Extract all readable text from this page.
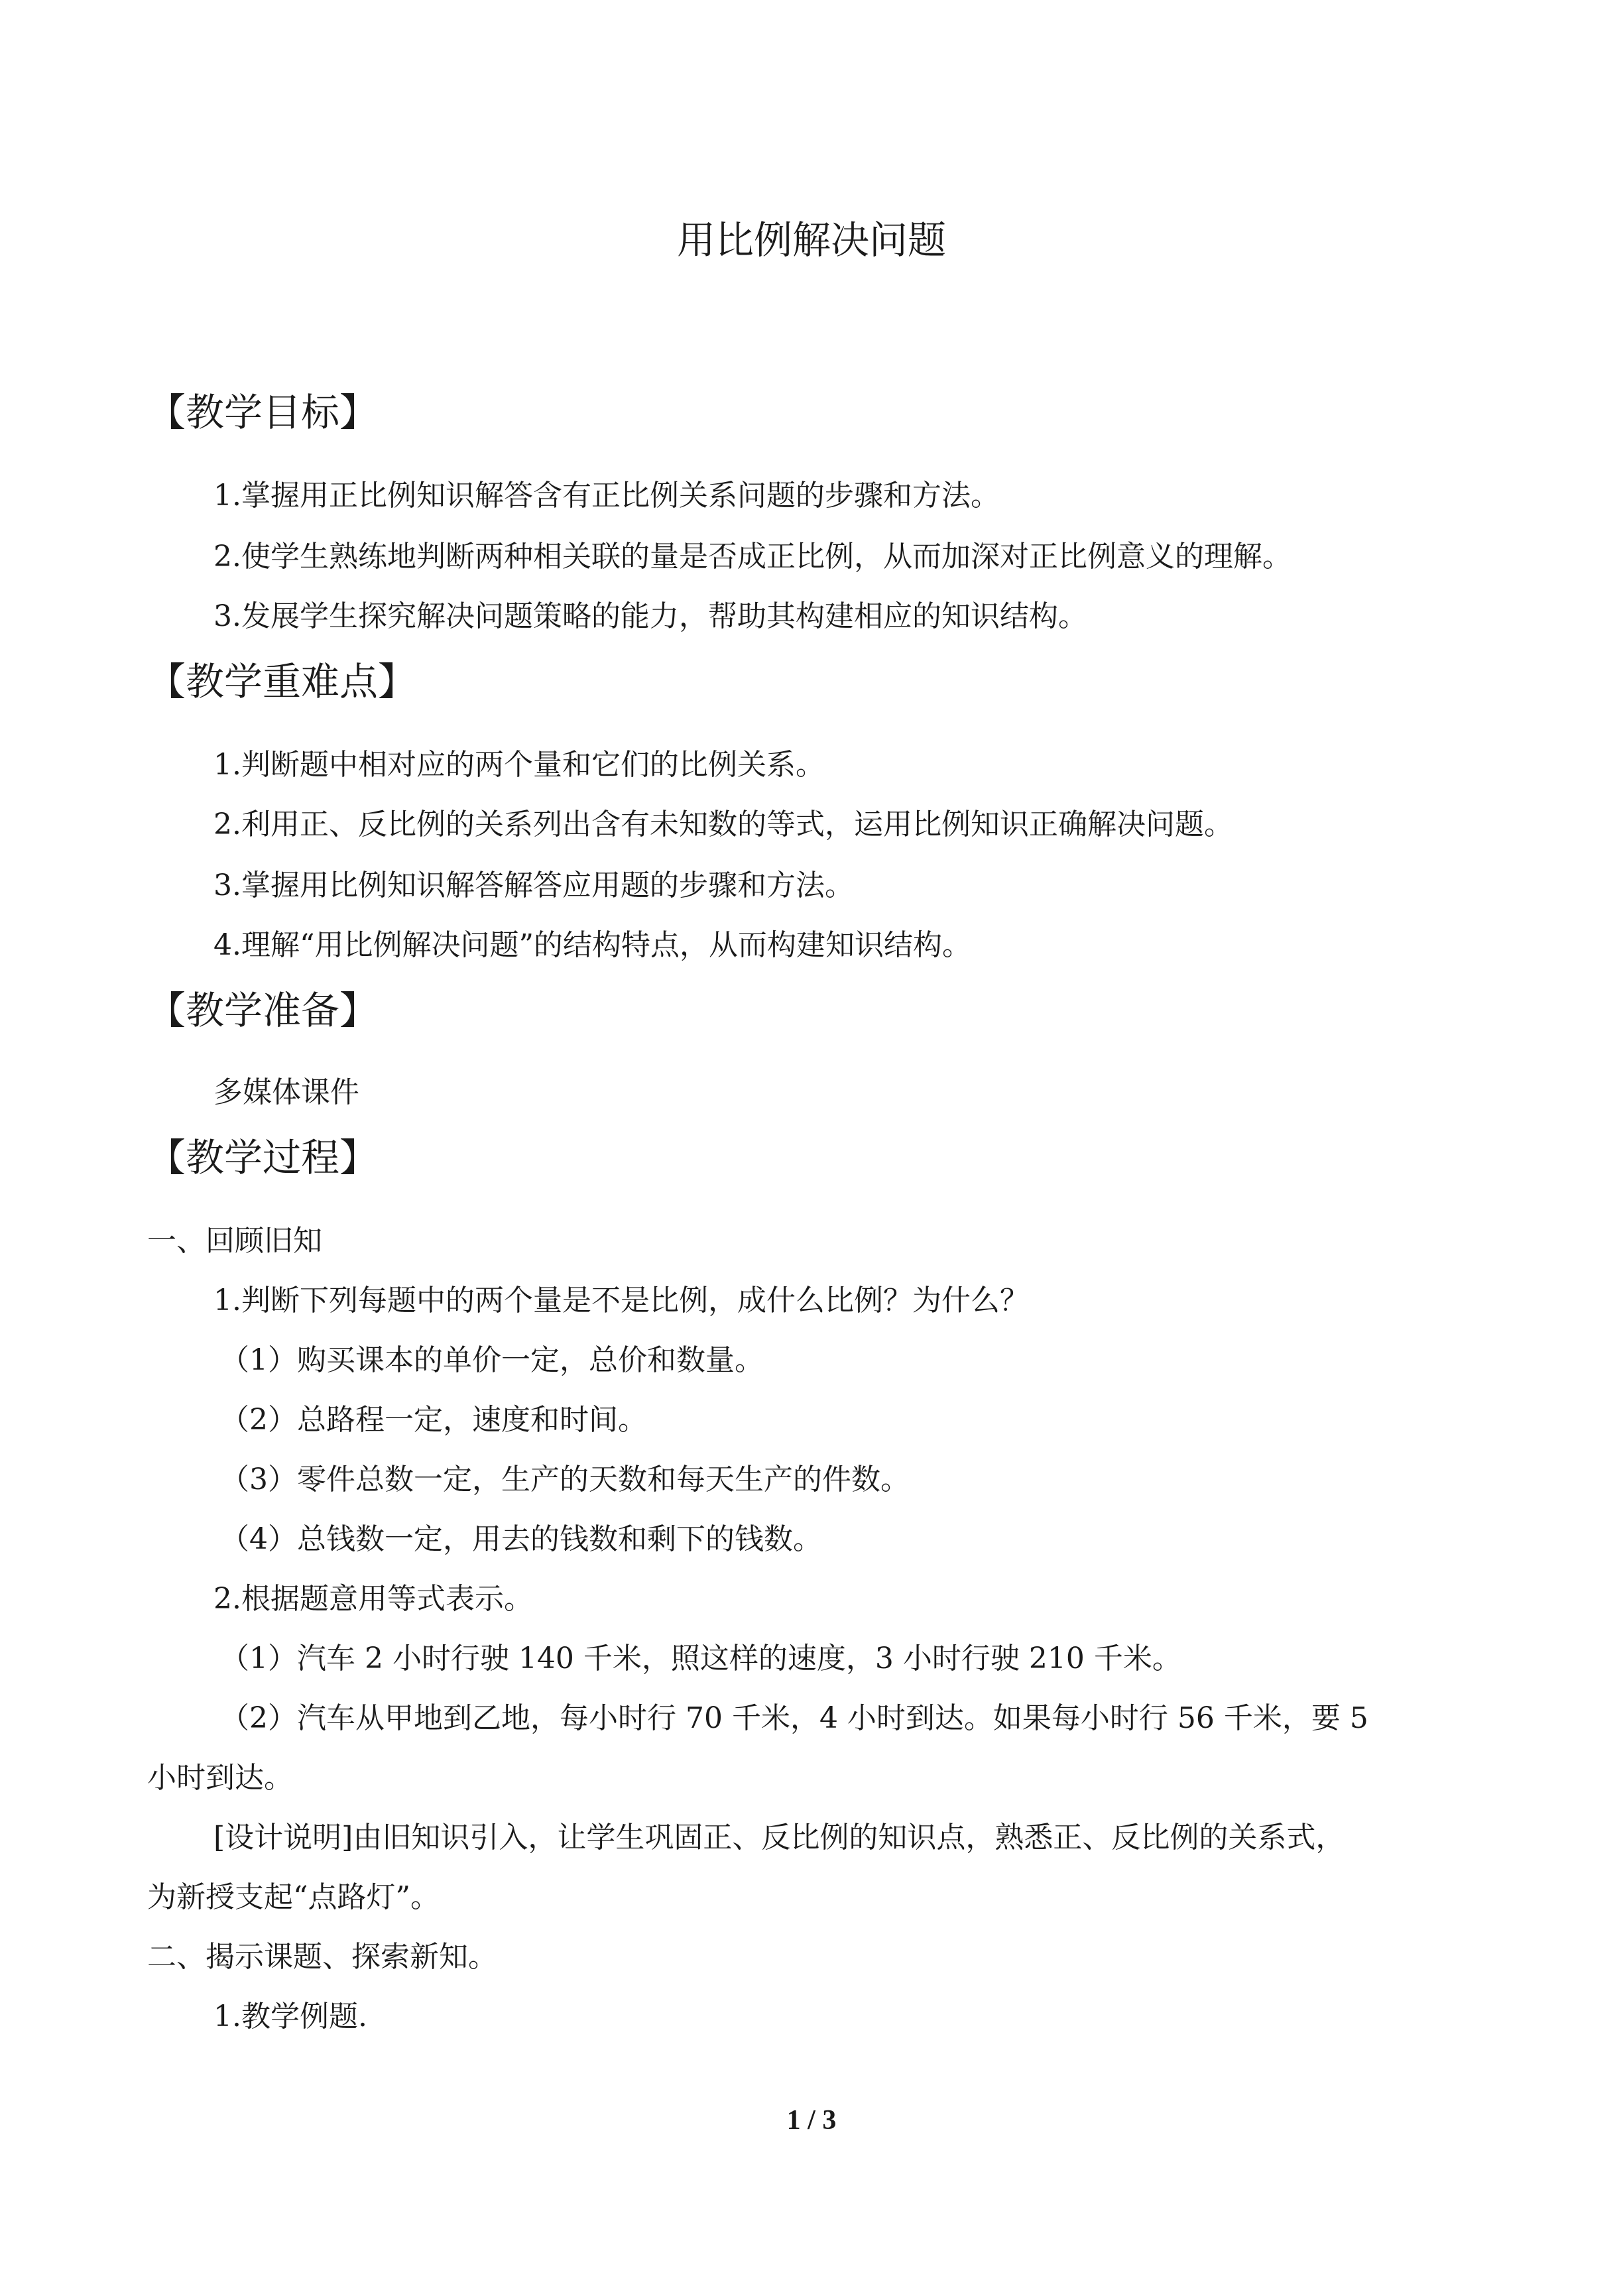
用比例解决问题
【教学目标】
1.掌握用正比例知识解答含有正比例关系问题的步骤和方法。
2.使学生熟练地判断两种相关联的量是否成正比例，从而加深对正比例意义的理解。
3.发展学生探究解决问题策略的能力，帮助其构建相应的知识结构。
【教学重难点】
1.判断题中相对应的两个量和它们的比例关系。
2.利用正、反比例的关系列出含有未知数的等式，运用比例知识正确解决问题。
3.掌握用比例知识解答解答应用题的步骤和方法。
4.理解“用比例解决问题”的结构特点，从而构建知识结构。
【教学准备】
多媒体课件
【教学过程】
一、回顾旧知
1.判断下列每题中的两个量是不是比例，成什么比例？为什么？
（1）购买课本的单价一定，总价和数量。
（2）总路程一定，速度和时间。
（3）零件总数一定，生产的天数和每天生产的件数。
（4）总钱数一定，用去的钱数和剩下的钱数。
2.根据题意用等式表示。
（1）汽车 2 小时行驶 140 千米，照这样的速度，3 小时行驶 210 千米。
（2）汽车从甲地到乙地，每小时行 70 千米，4 小时到达。如果每小时行 56 千米，要 5
小时到达。
[设计说明]由旧知识引入，让学生巩固正、反比例的知识点，熟悉正、反比例的关系式，
为新授支起“点路灯”。
二、揭示课题、探索新知。
1.教学例题.
1 / 3
